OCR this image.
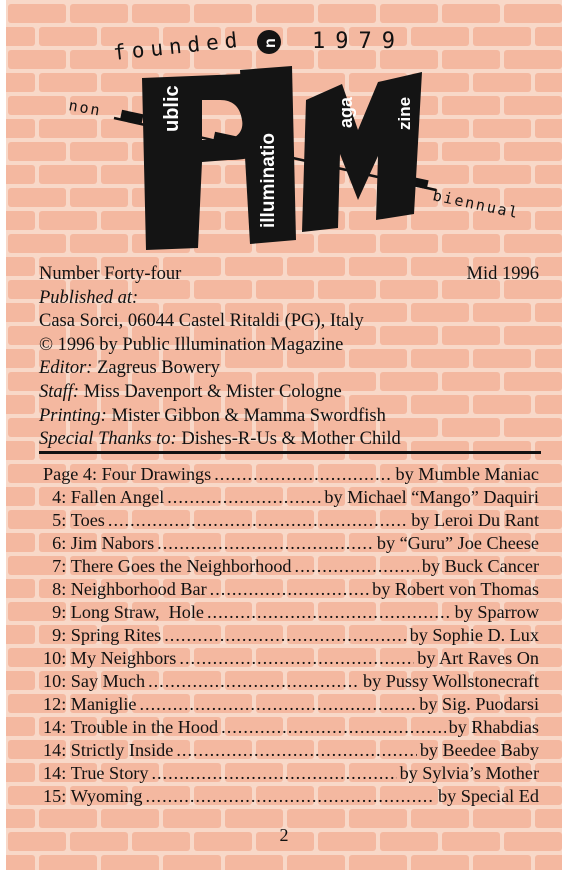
founded	1979
non
biennual
ublic
illuminatio
n
aga zine
Number Forty-four	Mid 1996
Published at:
Casa Sorci, 06044 Castel Ritaldi (PG), Italy
© 1996 by Public Illumination Magazine
Editor: Zagreus Bowery
Staff: Miss Davenport & Mister Cologne
Printing: Mister Gibbon & Mamma Swordfish
Special Thanks to: Dishes-R-Us & Mother Child
Page 4: Four Drawings .....	by Mumble Maniac
4: Fallen Angel .....	by Michael “Mango” Daquiri
5: Toes .....	by Leroi Du Rant
6: Jim Nabors .....	by “Guru” Joe Cheese
7: There Goes the Neighborhood .....	by Buck Cancer
8: Neighborhood Bar .....	by Robert von Thomas
9: Long Straw,  Hole .....	by Sparrow
9: Spring Rites .....	by Sophie D. Lux
10: My Neighbors .....	by Art Raves On
10: Say Much .....	by Pussy Wollstonecraft
12: Maniglie .....	by Sig. Puodarsi
14: Trouble in the Hood .....	by Rhabdias
14: Strictly Inside .....	by Beedee Baby
14: True Story .....	by Sylvia’s Mother
15: Wyoming .....	by Special Ed
2
